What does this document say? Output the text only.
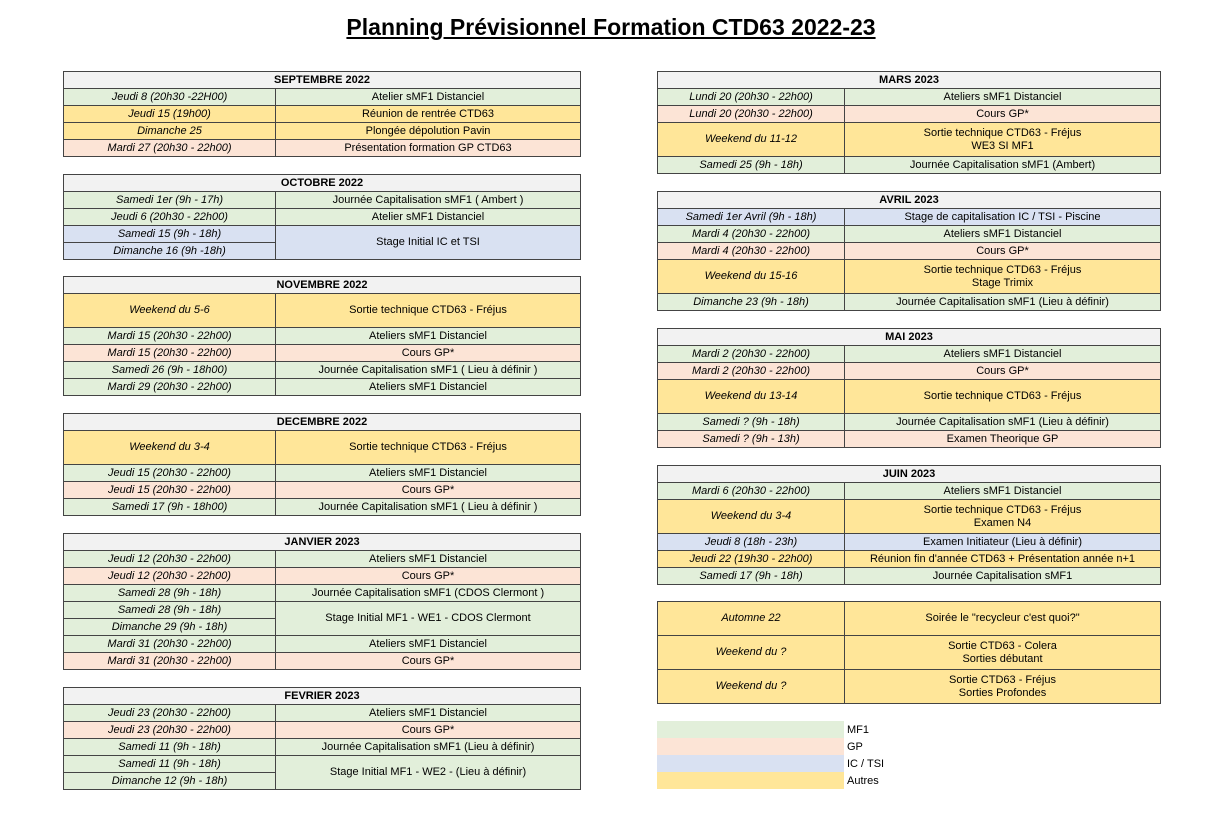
Planning Prévisionnel Formation CTD63 2022-23
SEPTEMBRE 2022	
Jeudi 8 (20h30 -22H00)	Atelier sMF1 Distanciel
Jeudi 15 (19h00)	Réunion de rentrée CTD63
Dimanche 25	Plongée dépolution Pavin
Mardi 27 (20h30 - 22h00)	Présentation formation GP CTD63
OCTOBRE 2022	
Samedi 1er (9h - 17h)	Journée Capitalisation sMF1 ( Ambert )
Jeudi 6 (20h30 - 22h00)	Atelier sMF1 Distanciel
Samedi 15 (9h - 18h)	Stage Initial IC et TSI
Dimanche 16 (9h -18h)	
NOVEMBRE 2022	
Weekend du 5-6	Sortie technique CTD63 - Fréjus
Mardi 15 (20h30 - 22h00)	Ateliers sMF1 Distanciel
Mardi 15 (20h30 - 22h00)	Cours GP*
Samedi 26 (9h - 18h00)	Journée Capitalisation sMF1 ( Lieu à définir )
Mardi 29 (20h30 - 22h00)	Ateliers sMF1 Distanciel
DECEMBRE 2022	
Weekend du 3-4	Sortie technique CTD63 - Fréjus
Jeudi 15 (20h30 - 22h00)	Ateliers sMF1 Distanciel
Jeudi 15 (20h30 - 22h00)	Cours GP*
Samedi 17 (9h - 18h00)	Journée Capitalisation sMF1 ( Lieu à définir )
JANVIER 2023	
Jeudi 12 (20h30 - 22h00)	Ateliers sMF1 Distanciel
Jeudi 12 (20h30 - 22h00)	Cours GP*
Samedi 28 (9h - 18h)	Journée Capitalisation sMF1 (CDOS Clermont )
Samedi 28 (9h - 18h)	Stage Initial MF1 - WE1 - CDOS Clermont
Dimanche 29 (9h - 18h)	
Mardi 31 (20h30 - 22h00)	Ateliers sMF1 Distanciel
Mardi 31 (20h30 - 22h00)	Cours GP*
FEVRIER 2023	
Jeudi 23 (20h30 - 22h00)	Ateliers sMF1 Distanciel
Jeudi 23 (20h30 - 22h00)	Cours GP*
Samedi 11 (9h - 18h)	Journée Capitalisation sMF1 (Lieu à définir)
Samedi 11 (9h - 18h)	Stage Initial MF1 - WE2 - (Lieu à définir)
Dimanche 12 (9h - 18h)	
MARS 2023	
Lundi 20 (20h30 - 22h00)	Ateliers sMF1 Distanciel
Lundi 20 (20h30 - 22h00)	Cours GP*
Weekend du 11-12	Sortie technique CTD63 - Fréjus
WE3 SI MF1
Samedi 25 (9h - 18h)	Journée Capitalisation sMF1 (Ambert)
AVRIL 2023	
Samedi 1er Avril (9h - 18h)	Stage de capitalisation IC / TSI - Piscine
Mardi 4 (20h30 - 22h00)	Ateliers sMF1 Distanciel
Mardi 4 (20h30 - 22h00)	Cours GP*
Weekend du 15-16	Sortie technique CTD63 - Fréjus
Stage Trimix
Dimanche 23 (9h - 18h)	Journée Capitalisation sMF1 (Lieu à définir)
MAI 2023	
Mardi 2 (20h30 - 22h00)	Ateliers sMF1 Distanciel
Mardi 2 (20h30 - 22h00)	Cours GP*
Weekend du 13-14	Sortie technique CTD63 - Fréjus
Samedi ? (9h - 18h)	Journée Capitalisation sMF1 (Lieu à définir)
Samedi ? (9h - 13h)	Examen Theorique GP
JUIN 2023	
Mardi 6 (20h30 - 22h00)	Ateliers sMF1 Distanciel
Weekend du 3-4	Sortie technique CTD63 - Fréjus
Examen N4
Jeudi 8 (18h - 23h)	Examen Initiateur (Lieu à définir)
Jeudi 22 (19h30 - 22h00)	Réunion fin d'année CTD63 + Présentation année n+1
Samedi 17 (9h - 18h)	Journée Capitalisation sMF1
Automne 22	Soirée le "recycleur c'est quoi?"
Weekend du ?	Sortie CTD63 - Colera
Sorties débutant
Weekend du ?	Sortie CTD63 - Fréjus
Sorties Profondes
MF1
GP
IC / TSI
Autres
